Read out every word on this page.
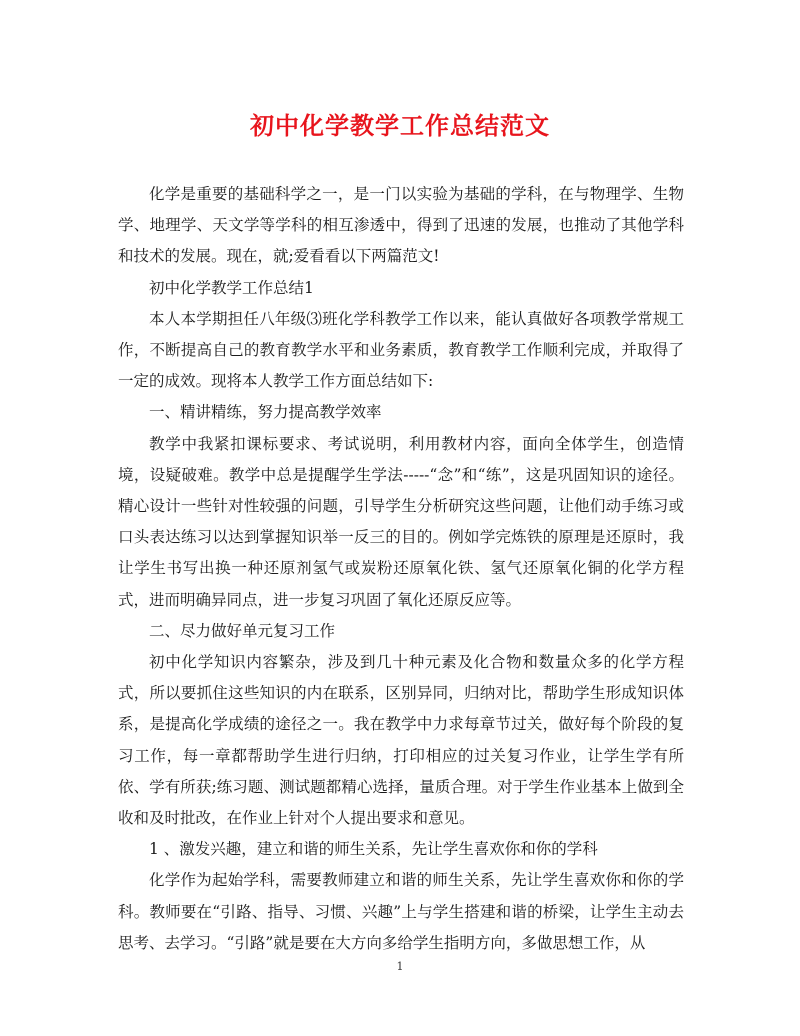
初中化学教学工作总结范文

化学是重要的基础科学之一，是一门以实验为基础的学科，在与物理学、生物学、地理学、天文学等学科的相互渗透中，得到了迅速的发展，也推动了其他学科和技术的发展。现在，就;爱看看以下两篇范文!

初中化学教学工作总结1

本人本学期担任八年级⑶班化学科教学工作以来，能认真做好各项教学常规工作，不断提高自己的教育教学水平和业务素质，教育教学工作顺利完成，并取得了一定的成效。现将本人教学工作方面总结如下:

一、精讲精练，努力提高教学效率

教学中我紧扣课标要求、考试说明，利用教材内容，面向全体学生，创造情境，设疑破难。教学中总是提醒学生学法-----“念”和“练”，这是巩固知识的途径。精心设计一些针对性较强的问题，引导学生分析研究这些问题，让他们动手练习或口头表达练习以达到掌握知识举一反三的目的。例如学完炼铁的原理是还原时，我让学生书写出换一种还原剂氢气或炭粉还原氧化铁、氢气还原氧化铜的化学方程式，进而明确异同点，进一步复习巩固了氧化还原反应等。

二、尽力做好单元复习工作

初中化学知识内容繁杂，涉及到几十种元素及化合物和数量众多的化学方程式，所以要抓住这些知识的内在联系，区别异同，归纳对比，帮助学生形成知识体系，是提高化学成绩的途径之一。我在教学中力求每章节过关，做好每个阶段的复习工作，每一章都帮助学生进行归纳，打印相应的过关复习作业，让学生学有所依、学有所获;练习题、测试题都精心选择，量质合理。对于学生作业基本上做到全收和及时批改，在作业上针对个人提出要求和意见。

1 、激发兴趣，建立和谐的师生关系，先让学生喜欢你和你的学科

化学作为起始学科，需要教师建立和谐的师生关系，先让学生喜欢你和你的学科。教师要在“引路、指导、习惯、兴趣”上与学生搭建和谐的桥梁，让学生主动去思考、去学习。“引路”就是要在大方向多给学生指明方向，多做思想工作，从

1
